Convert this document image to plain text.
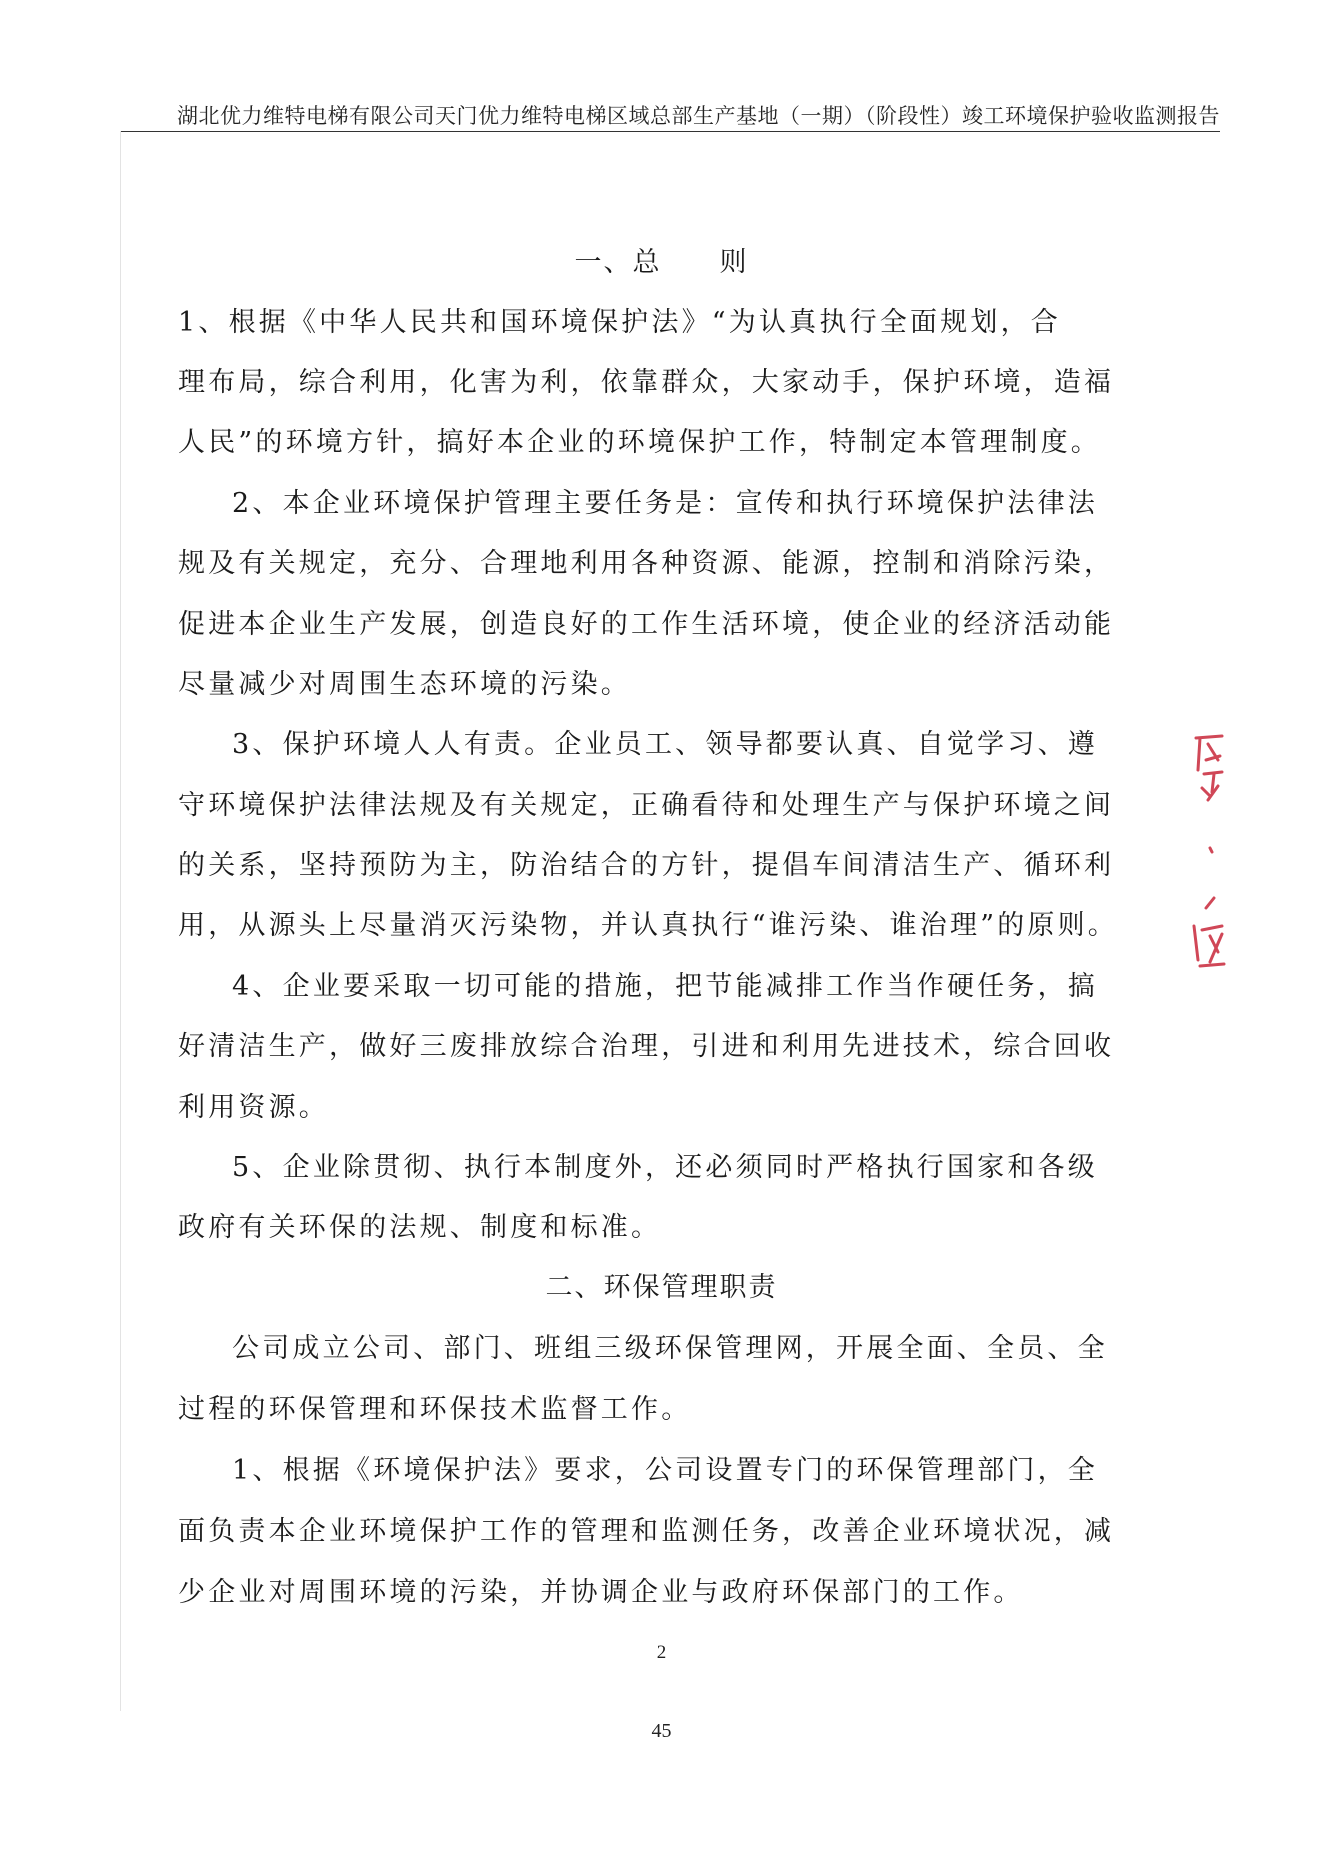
湖北优力维特电梯有限公司天门优力维特电梯区域总部生产基地（一期）（阶段性）竣工环境保护验收监测报告
一、总　　则
1、根据《中华人民共和国环境保护法》“为认真执行全面规划，合
理布局，综合利用，化害为利，依靠群众，大家动手，保护环境，造福
人民”的环境方针，搞好本企业的环境保护工作，特制定本管理制度。
2、本企业环境保护管理主要任务是：宣传和执行环境保护法律法
规及有关规定，充分、合理地利用各种资源、能源，控制和消除污染，
促进本企业生产发展，创造良好的工作生活环境，使企业的经济活动能
尽量减少对周围生态环境的污染。
3、保护环境人人有责。企业员工、领导都要认真、自觉学习、遵
守环境保护法律法规及有关规定，正确看待和处理生产与保护环境之间
的关系，坚持预防为主，防治结合的方针，提倡车间清洁生产、循环利
用，从源头上尽量消灭污染物，并认真执行“谁污染、谁治理”的原则。
4、企业要采取一切可能的措施，把节能减排工作当作硬任务，搞
好清洁生产，做好三废排放综合治理，引进和利用先进技术，综合回收
利用资源。
5、企业除贯彻、执行本制度外，还必须同时严格执行国家和各级
政府有关环保的法规、制度和标准。
二、环保管理职责
公司成立公司、部门、班组三级环保管理网，开展全面、全员、全
过程的环保管理和环保技术监督工作。
1、根据《环境保护法》要求，公司设置专门的环保管理部门，全
面负责本企业环境保护工作的管理和监测任务，改善企业环境状况，减
少企业对周围环境的污染，并协调企业与政府环保部门的工作。
2
45
